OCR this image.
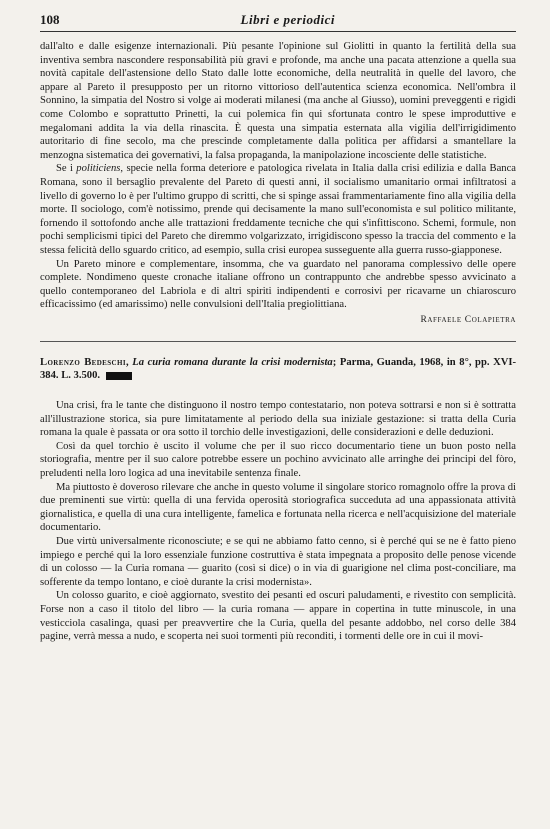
108	Libri e periodici

dall'alto e dalle esigenze internazionali. Più pesante l'opinione sul Giolitti in quanto la fertilità della sua inventiva sembra nascondere responsabilità più gravi e profonde, ma anche una pacata attenzione a quella sua novità capitale dell'astensione dello Stato dalle lotte economiche, della neutralità in quelle del lavoro, che appare al Pareto il presupposto per un ritorno vittorioso dell'autentica scienza economica. Nell'ombra il Sonnino, la simpatia del Nostro si volge ai moderati milanesi (ma anche al Giusso), uomini preveggenti e rigidi come Colombo e soprattutto Prinetti, la cui polemica fin qui sfortunata contro le spese improduttive e megalomani addita la via della rinascita. È questa una simpatia esternata alla vigilia dell'irrigidimento autoritario di fine secolo, ma che prescinde completamente dalla politica per affidarsi a smantellare la menzogna sistematica dei governativi, la falsa propaganda, la manipolazione incosciente delle statistiche.

Se i politiciens, specie nella forma deteriore e patologica rivelata in Italia dalla crisi edilizia e dalla Banca Romana, sono il bersaglio prevalente del Pareto di questi anni, il socialismo umanitario ormai infiltratosi a livello di governo lo è per l'ultimo gruppo di scritti, che si spinge assai frammentariamente fino alla vigilia della morte. Il sociologo, com'è notissimo, prende qui decisamente la mano sull'economista e sul politico militante, fornendo il sottofondo anche alle trattazioni freddamente tecniche che qui s'infittiscono. Schemi, formule, non pochi semplicismi tipici del Pareto che diremmo volgarizzato, irrigidiscono spesso la traccia del commento e la stessa felicità dello sguardo critico, ad esempio, sulla crisi europea susseguente alla guerra russo-giapponese.

Un Pareto minore e complementare, insomma, che va guardato nel panorama complessivo delle opere complete. Nondimeno queste cronache italiane offrono un contrappunto che andrebbe spesso avvicinato a quello contemporaneo del Labriola e di altri spiriti indipendenti e corrosivi per ricavarne un chiaroscuro efficacissimo (ed amarissimo) nelle convulsioni dell'Italia pregiolittiana.

Raffaele Colapietra
Lorenzo Bedeschi, La curia romana durante la crisi modernista; Parma, Guanda, 1968, in 8°, pp. XVI-384. L. 3.500.

Una crisi, fra le tante che distinguono il nostro tempo contestatario, non poteva sottrarsi e non si è sottratta all'illustrazione storica, sia pure limitatamente al periodo della sua iniziale gestazione: si tratta della Curia romana la quale è passata or ora sotto il torchio delle investigazioni, delle considerazioni e delle deduzioni.

Così da quel torchio è uscito il volume che per il suo ricco documentario tiene un buon posto nella storiografia, mentre per il suo calore potrebbe essere un pochino avvicinato alle arringhe dei principi del fòro, preludenti nella loro logica ad una inevitabile sentenza finale.

Ma piuttosto è doveroso rilevare che anche in questo volume il singolare storico romagnolo offre la prova di due preminenti sue virtù: quella di una fervida operosità storiografica succeduta ad una appassionata attività giornalistica, e quella di una cura intelligente, famelica e fortunata nella ricerca e nell'acquisizione del materiale documentario.

Due virtù universalmente riconosciute; e se qui ne abbiamo fatto cenno, si è perché qui se ne è fatto pieno impiego e perché qui la loro essenziale funzione costruttiva è stata impegnata a proposito delle penose vicende di un colosso — la Curia romana — guarito (così si dice) o in via di guarigione nel clima post-conciliare, ma sofferente da tempo lontano, e cioè durante la crisi modernista».

Un colosso guarito, e cioè aggiornato, svestito dei pesanti ed oscuri paludamenti, e rivestito con semplicità. Forse non a caso il titolo del libro — la curia romana — appare in copertina in tutte minuscole, in una vesticciola casalinga, quasi per preavvertire che la Curia, quella del pesante addobbo, nel corso delle 384 pagine, verrà messa a nudo, e scoperta nei suoi tormenti più reconditi, i tormenti delle ore in cui il movi-
